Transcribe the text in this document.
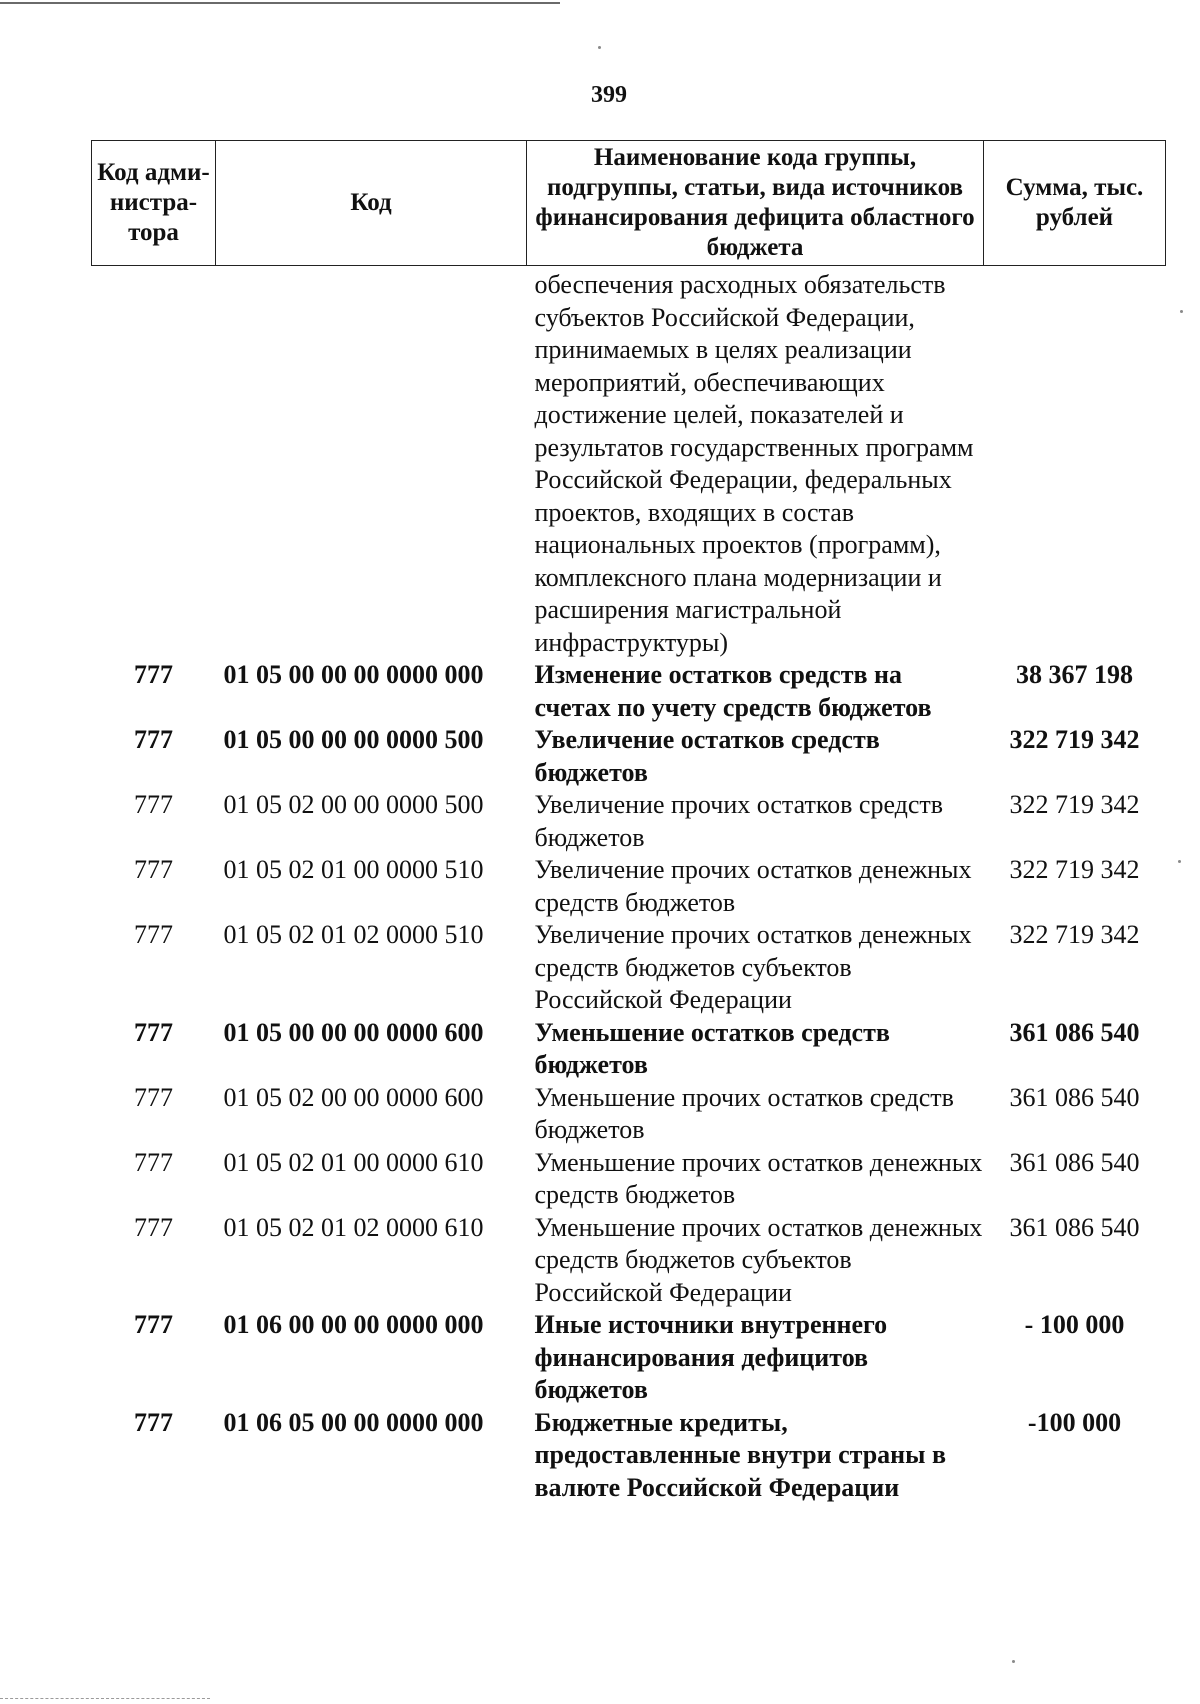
399
Код адми-нистра-тора	Код	Наименование кода группы, подгруппы, статьи, вида источников финансирования дефицита областного бюджета	Сумма, тыс. рублей
		обеспечения расходных обязательств субъектов Российской Федерации, принимаемых в целях реализации мероприятий, обеспечивающих достижение целей, показателей и результатов государственных программ Российской Федерации, федеральных проектов, входящих в состав национальных проектов (программ), комплексного плана модернизации и расширения магистральной инфраструктуры)	
777	01 05 00 00 00 0000 000	Изменение остатков средств на счетах по учету средств бюджетов	38 367 198
777	01 05 00 00 00 0000 500	Увеличение остатков средств бюджетов	322 719 342
777	01 05 02 00 00 0000 500	Увеличение прочих остатков средств бюджетов	322 719 342
777	01 05 02 01 00 0000 510	Увеличение прочих остатков денежных средств бюджетов	322 719 342
777	01 05 02 01 02 0000 510	Увеличение прочих остатков денежных средств бюджетов субъектов Российской Федерации	322 719 342
777	01 05 00 00 00 0000 600	Уменьшение остатков средств бюджетов	361 086 540
777	01 05 02 00 00 0000 600	Уменьшение прочих остатков средств бюджетов	361 086 540
777	01 05 02 01 00 0000 610	Уменьшение прочих остатков денежных средств бюджетов	361 086 540
777	01 05 02 01 02 0000 610	Уменьшение прочих остатков денежных средств бюджетов субъектов Российской Федерации	361 086 540
777	01 06 00 00 00 0000 000	Иные источники внутреннего финансирования дефицитов бюджетов	- 100 000
777	01 06 05 00 00 0000 000	Бюджетные кредиты, предоставленные внутри страны в валюте Российской Федерации	-100 000
